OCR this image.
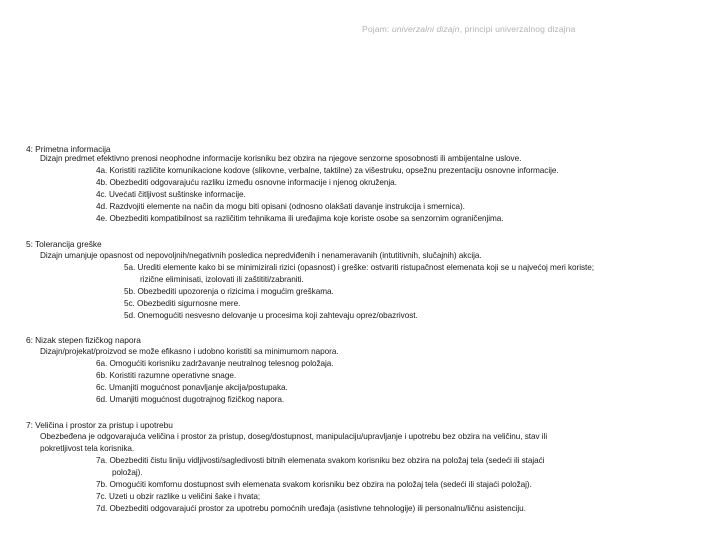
Pojam: univerzalni dizajn, principi univerzalnog dizajna
4: Primetna informacija
Dizajn predmet efektivno prenosi neophodne informacije korisniku bez obzira na njegove senzorne sposobnosti ili ambijentalne uslove.
4a. Koristiti različite komunikacione kodove (slikovne, verbalne, taktilne) za višestruku, opsežnu prezentaciju osnovne informacije.
4b. Obezbediti odgovarajuću razliku između osnovne informacije i njenog okruženja.
4c. Uvećati čitljivost suštinske informacije.
4d. Razdvojiti elemente na način da mogu biti opisani (odnosno olakšati davanje instrukcija i smernica).
4e. Obezbediti kompatibilnost sa različitim tehnikama ili uređajima koje koriste osobe sa senzornim ograničenjima.
5: Tolerancija greške
Dizajn umanjuje opasnost od nepovoljnih/negativnih posledica nepredviđenih i nenameravanih (intutitivnih, slučajnih) akcija.
5a. Urediti elemente kako bi se minimizirali rizici (opasnost) i greške: ostvariti ristupačnost elemenata koji se u najvećoj meri koriste;
rizične eliminisati, izolovati ili zaštititi/zabraniti.
5b. Obezbediti upozorenja o rizicima i mogućim greškama.
5c. Obezbediti sigurnosne mere.
5d. Onemogućiti nesvesno delovanje u procesima koji zahtevaju oprez/obazrivost.
6: Nizak stepen fizičkog napora
Dizajn/projekat/proizvod se može efikasno i udobno koristiti sa minimumom napora.
6a. Omogućiti korisniku zadržavanje neutralnog telesnog položaja.
6b. Koristiti razumne operativne snage.
6c. Umanjiti mogućnost ponavljanje akcija/postupaka.
6d. Umanjiti mogućnost dugotrajnog fizičkog napora.
7: Veličina i prostor za pristup i upotrebu
Obezbeđena je odgovarajuća veličina i prostor za pristup, doseg/dostupnost, manipulaciju/upravljanje i upotrebu bez obzira na veličinu, stav ili
pokretljivost tela korisnika.
7a. Obezbediti čistu liniju vidljivosti/sagledivosti bitnih elemenata svakom korisniku bez obzira na položaj tela (sedeći ili stajaći
položaj).
7b. Omogućiti komfornu dostupnost svih elemenata svakom korisniku bez obzira na položaj tela (sedeći ili stajaći položaj).
7c. Uzeti u obzir razlike u veličini šake i hvata;
7d. Obezbediti odgovarajući prostor za upotrebu pomoćnih uređaja (asistivne tehnologije) ili personalnu/ličnu asistenciju.
